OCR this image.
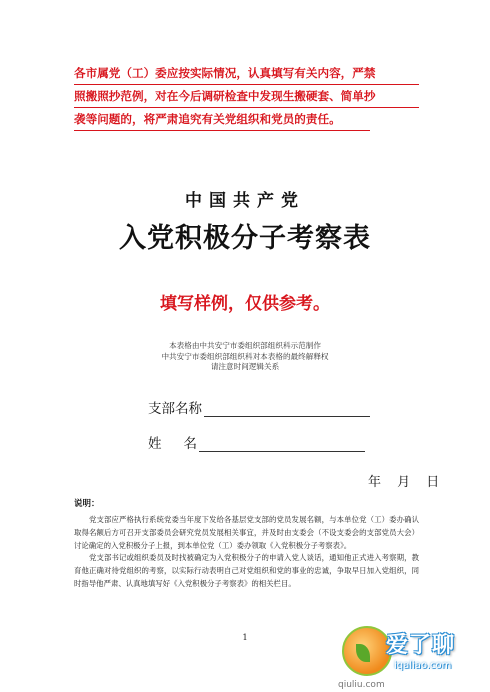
各市属党（工）委应按实际情况，认真填写有关内容，严禁
照搬照抄范例，对在今后调研检查中发现生搬硬套、简单抄
袭等问题的，将严肃追究有关党组织和党员的责任。
中国共产党
入党积极分子考察表
填写样例，仅供参考。
本表格由中共安宁市委组织部组织科示范制作
中共安宁市委组织部组织科对本表格的最终解释权
请注意时间逻辑关系
支部名称
姓名
年 月 日
说明：

党支部应严格执行系统党委当年度下发给各基层党支部的党员发展名额，与本单位党（工）委办确认取得名额后方可召开支部委员会研究党员发展相关事宜，并及时由支委会（不设支委会的支部党员大会）讨论确定的入党积极分子上报，到本单位党（工）委办领取《入党积极分子考察表》。

党支部书记或组织委员及时找被确定为入党积极分子的申请入党人谈话，通知他正式进入考察期，教育他正确对待党组织的考察，以实际行动表明自己对党组织和党的事业的忠诚，争取早日加入党组织，同时指导他严肃、认真地填写好《入党积极分子考察表》的相关栏目。

1	爱了聊
iqaliao.com
qiuliu.com
